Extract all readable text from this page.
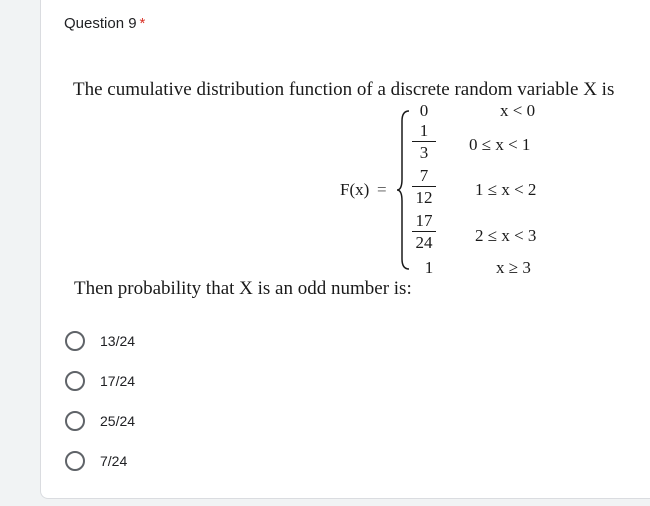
Question 9 *
The cumulative distribution function of a discrete random variable X is
F(x) =
0
1
3
7
12
17
24
1
x < 0
0 ≤ x < 1
1 ≤ x < 2
2 ≤ x < 3
x ≥ 3
Then probability that X is an odd number is:
13/24
17/24
25/24
7/24
